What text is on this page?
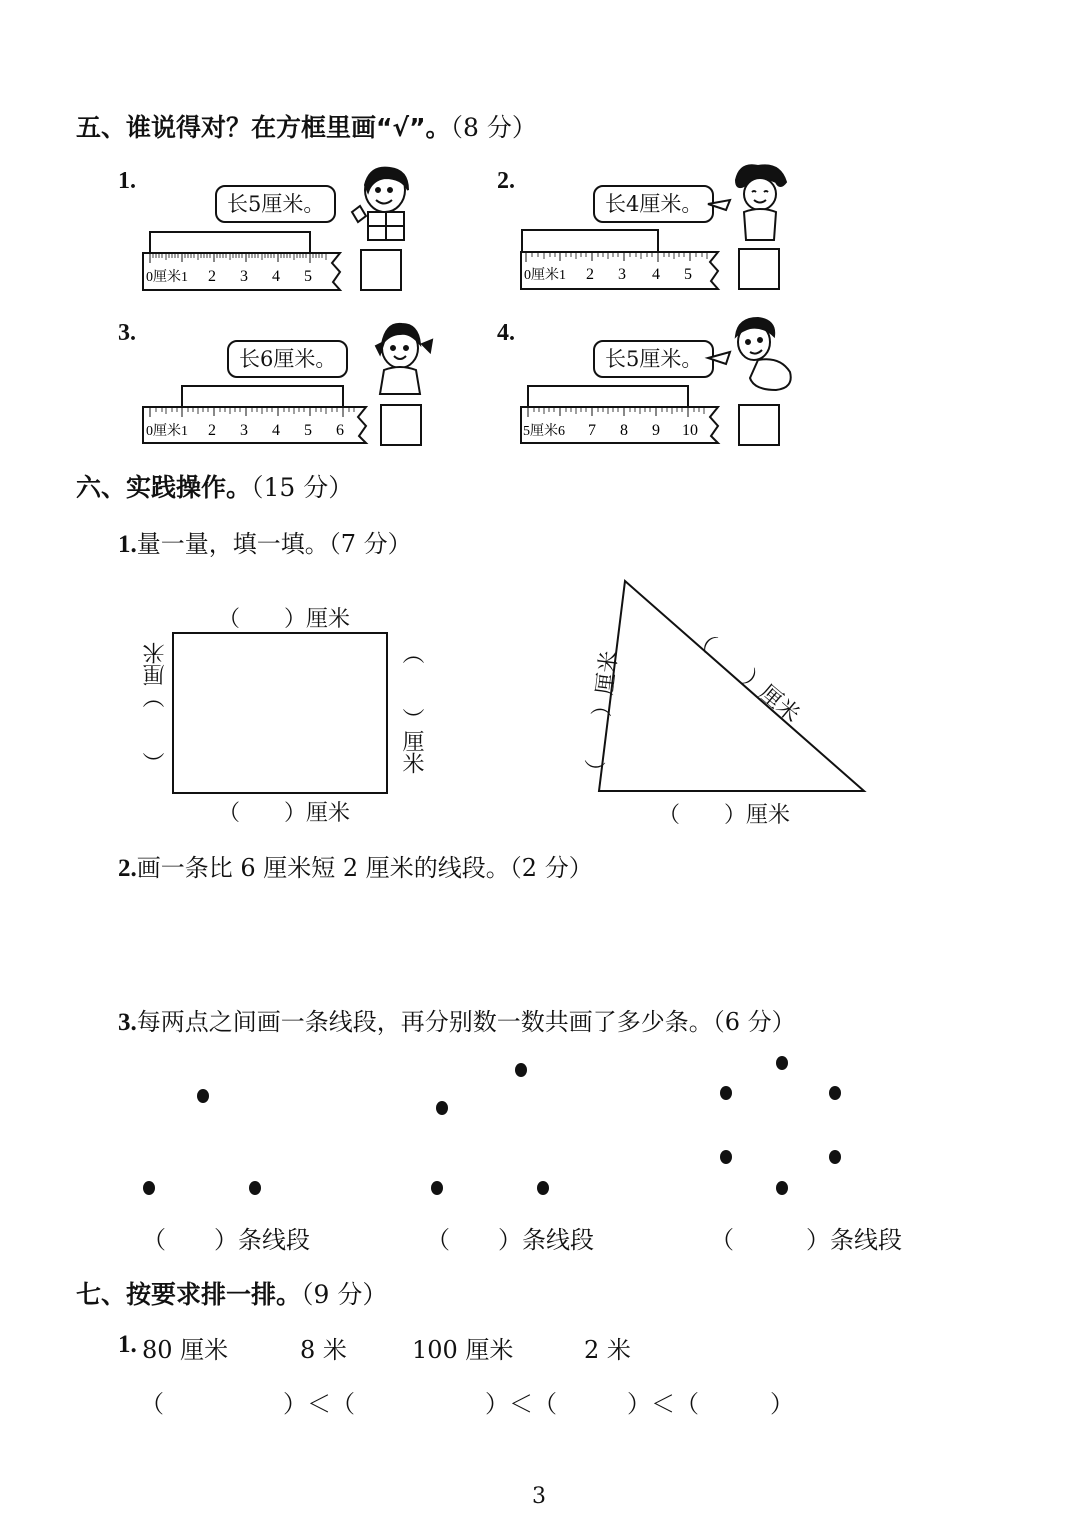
五、谁说得对？在方框里画“√”。（8 分）
1.
长5厘米。
0厘米1 2 3 4 5
2.
长4厘米。
0厘米1 2 3 4 5
3.
长6厘米。
0厘米1 2 3 4 5 6
4.
长5厘米。
5厘米6 7 8 9 10
六、实践操作。（15 分）
1.量一量，填一填。（7 分）
（　　）厘米
（　　）厘米
（　　）厘米	（　　）厘米	（　　）厘米	（　　）厘米
（　　）厘米
2.画一条比 6 厘米短 2 厘米的线段。（2 分）
3.每两点之间画一条线段，再分别数一数共画了多少条。（6 分）
（　　）条线段	（　　）条线段	（　　　）条线段
七、按要求排一排。（9 分）
1. 80 厘米	8 米	100 厘米	2 米
（	）＜（	）＜（	）＜（	）
3
